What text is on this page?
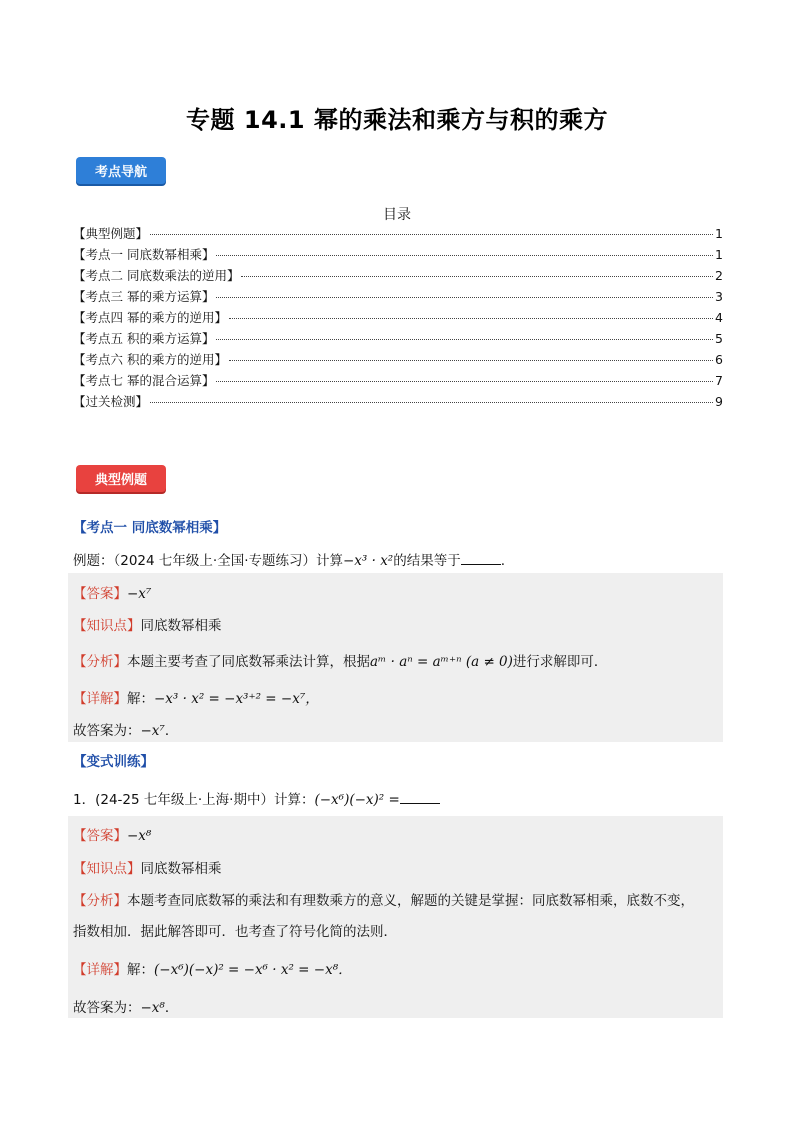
专题 14.1 幂的乘法和乘方与积的乘方
考点导航
目录
【典型例题】	1
【考点一 同底数幂相乘】	1
【考点二 同底数乘法的逆用】	2
【考点三 幂的乘方运算】	3
【考点四 幂的乘方的逆用】	4
【考点五 积的乘方运算】	5
【考点六 积的乘方的逆用】	6
【考点七 幂的混合运算】	7
【过关检测】	9
典型例题
【考点一 同底数幂相乘】
例题：（2024 七年级上·全国·专题练习）计算−x³ · x²的结果等于	.
【答案】−x⁷
【知识点】同底数幂相乘
【分析】本题主要考查了同底数幂乘法计算，根据aᵐ · aⁿ = aᵐ⁺ⁿ (a ≠ 0)进行求解即可．
【详解】解：−x³ · x² = −x³⁺² = −x⁷，
故答案为：−x⁷．
【变式训练】
1．(24-25 七年级上·上海·期中）计算：(−x⁶)(−x)² =
【答案】−x⁸
【知识点】同底数幂相乘
【分析】本题考查同底数幂的乘法和有理数乘方的意义，解题的关键是掌握：同底数幂相乘，底数不变，
指数相加．据此解答即可．也考查了符号化简的法则．
【详解】解：(−x⁶)(−x)² = −x⁶ · x² = −x⁸．
故答案为：−x⁸．
